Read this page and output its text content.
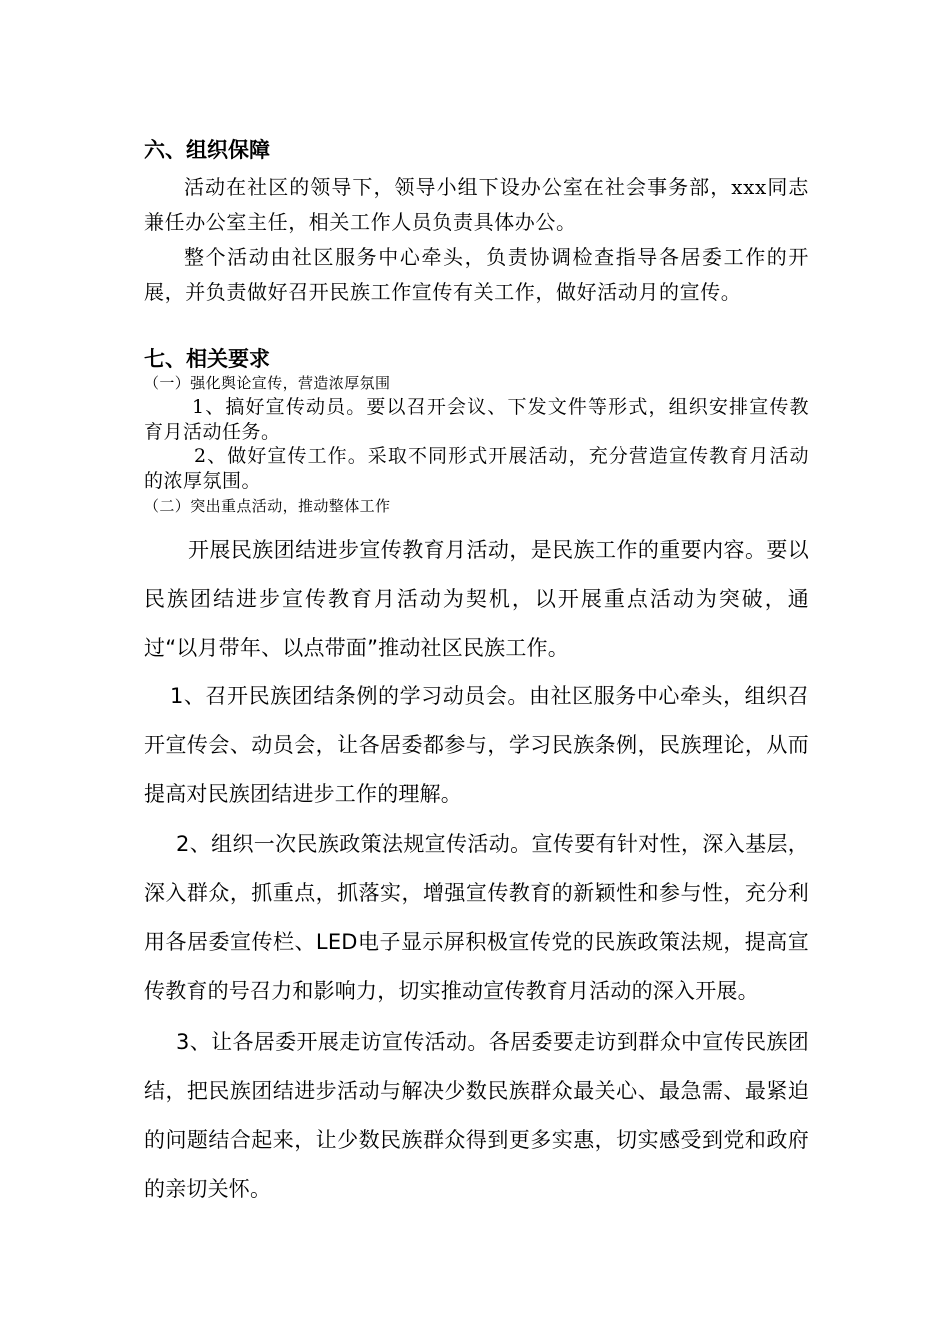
六、组织保障

活动在社区的领导下，领导小组下设办公室在社会事务部，xxx同志兼任办公室主任，相关工作人员负责具体办公。

整个活动由社区服务中心牵头，负责协调检查指导各居委工作的开展，并负责做好召开民族工作宣传有关工作，做好活动月的宣传。

七、相关要求
（一）强化舆论宣传，营造浓厚氛围

1、搞好宣传动员。要以召开会议、下发文件等形式，组织安排宣传教育月活动任务。

2、做好宣传工作。采取不同形式开展活动，充分营造宣传教育月活动的浓厚氛围。

（二）突出重点活动，推动整体工作

开展民族团结进步宣传教育月活动，是民族工作的重要内容。要以民族团结进步宣传教育月活动为契机，以开展重点活动为突破，通过“以月带年、以点带面”推动社区民族工作。

1、召开民族团结条例的学习动员会。由社区服务中心牵头，组织召开宣传会、动员会，让各居委都参与，学习民族条例，民族理论，从而提高对民族团结进步工作的理解。

2、组织一次民族政策法规宣传活动。宣传要有针对性，深入基层，深入群众，抓重点，抓落实，增强宣传教育的新颖性和参与性，充分利用各居委宣传栏、LED电子显示屏积极宣传党的民族政策法规，提高宣传教育的号召力和影响力，切实推动宣传教育月活动的深入开展。

3、让各居委开展走访宣传活动。各居委要走访到群众中宣传民族团结，把民族团结进步活动与解决少数民族群众最关心、最急需、最紧迫的问题结合起来，让少数民族群众得到更多实惠，切实感受到党和政府的亲切关怀。
